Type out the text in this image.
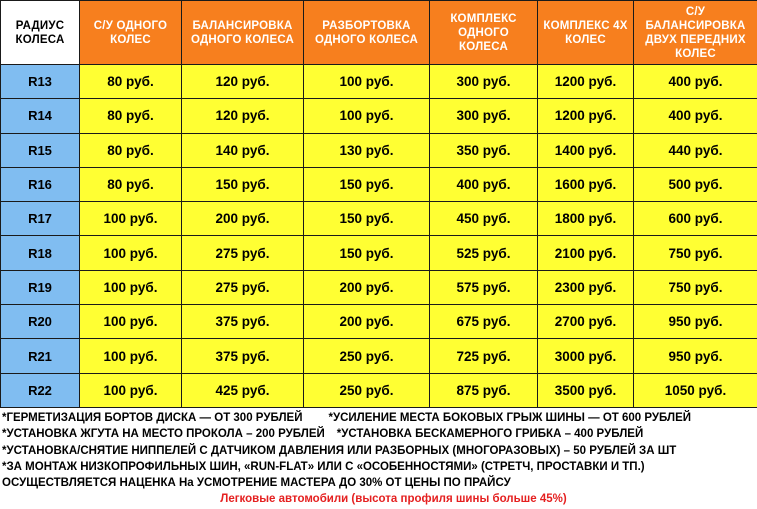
РАДИУС КОЛЕСА	С/У ОДНОГО КОЛЕС	БАЛАНСИРОВКА ОДНОГО КОЛЕСА	РАЗБОРТОВКА ОДНОГО КОЛЕСА	КОМПЛЕКС ОДНОГО КОЛЕСА	КОМПЛЕКС 4Х КОЛЕС	С/У БАЛАНСИРОВКА ДВУХ ПЕРЕДНИХ КОЛЕС
R13	80 руб.	120 руб.	100 руб.	300 руб.	1200 руб.	400 руб.
R14	80 руб.	120 руб.	100 руб.	300 руб.	1200 руб.	400 руб.
R15	80 руб.	140 руб.	130 руб.	350 руб.	1400 руб.	440 руб.
R16	80 руб.	150 руб.	150 руб.	400 руб.	1600 руб.	500 руб.
R17	100 руб.	200 руб.	150 руб.	450 руб.	1800 руб.	600 руб.
R18	100 руб.	275 руб.	150 руб.	525 руб.	2100 руб.	750 руб.
R19	100 руб.	275 руб.	200 руб.	575 руб.	2300 руб.	750 руб.
R20	100 руб.	375 руб.	200 руб.	675 руб.	2700 руб.	950 руб.
R21	100 руб.	375 руб.	250 руб.	725 руб.	3000 руб.	950 руб.
R22	100 руб.	425 руб.	250 руб.	875 руб.	3500 руб.	1050 руб.
*ГЕРМЕТИЗАЦИЯ БОРТОВ ДИСКА — ОТ 300 РУБЛЕЙ *УСИЛЕНИЕ МЕСТА БОКОВЫХ ГРЫЖ ШИНЫ — ОТ 600 РУБЛЕЙ
*УСТАНОВКА ЖГУТА НА МЕСТО ПРОКОЛА – 200 РУБЛЕЙ *УСТАНОВКА БЕСКАМЕРНОГО ГРИБКА – 400 РУБЛЕЙ
*УСТАНОВКА/СНЯТИЕ НИППЕЛЕЙ С ДАТЧИКОМ ДАВЛЕНИЯ ИЛИ РАЗБОРНЫХ (МНОГОРАЗОВЫХ) – 50 РУБЛЕЙ ЗА ШТ
*ЗА МОНТАЖ НИЗКОПРОФИЛЬНЫХ ШИН, «RUN-FLAT» ИЛИ С «ОСОБЕННОСТЯМИ» (СТРЕТЧ, ПРОСТАВКИ И ТП.)
ОСУЩЕСТВЛЯЕТСЯ НАЦЕНКА На УСМОТРЕНИЕ МАСТЕРА ДО 30% ОТ ЦЕНЫ ПО ПРАЙСУ
Легковые автомобили (высота профиля шины больше 45%)
